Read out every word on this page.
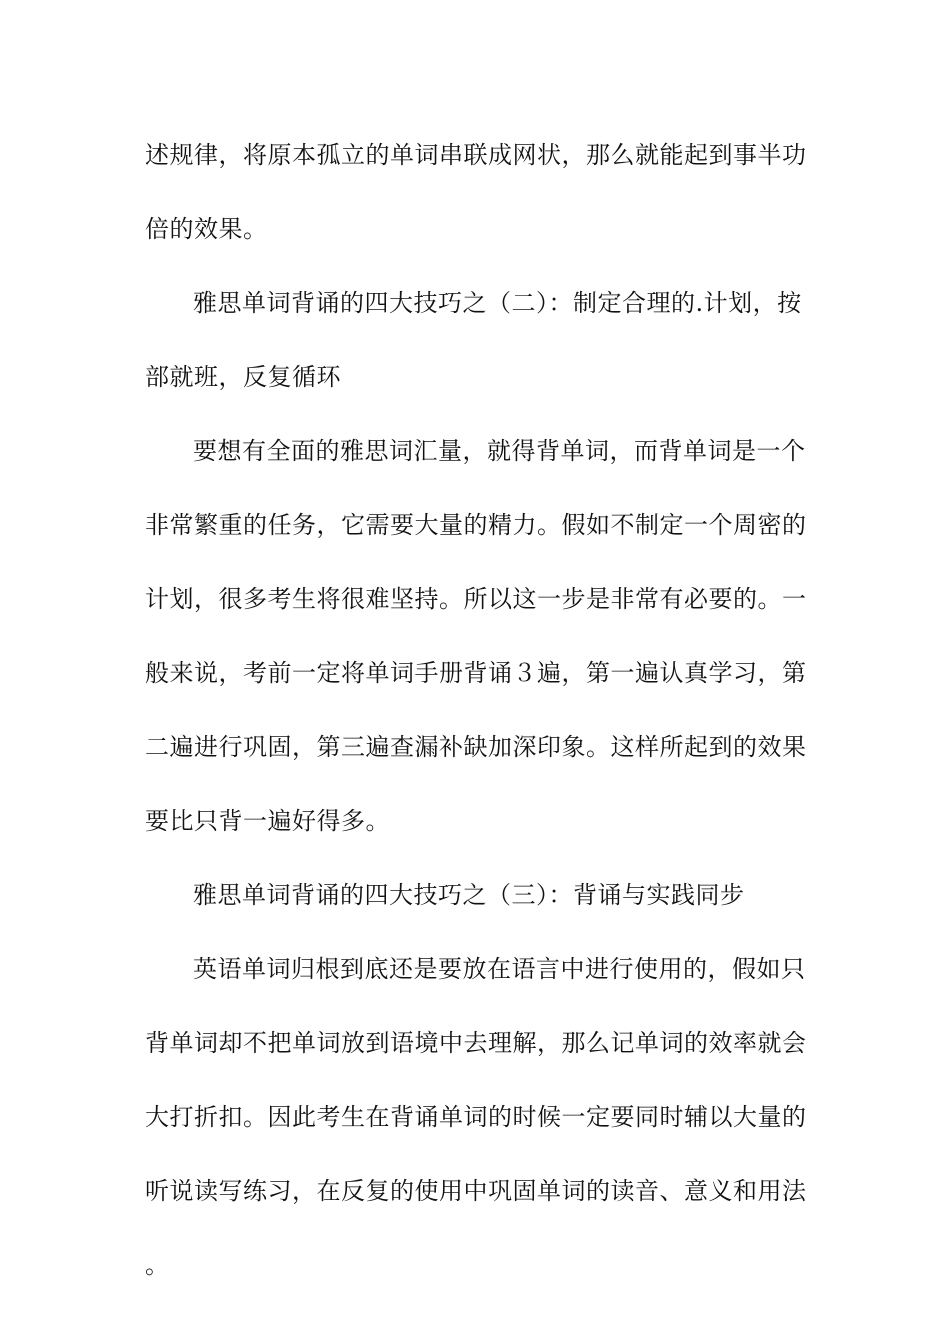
述规律，将原本孤立的单词串联成网状，那么就能起到事半功倍的效果。

雅思单词背诵的四大技巧之（二）：制定合理的.计划，按部就班，反复循环

要想有全面的雅思词汇量，就得背单词，而背单词是一个非常繁重的任务，它需要大量的精力。假如不制定一个周密的计划，很多考生将很难坚持。所以这一步是非常有必要的。一般来说，考前一定将单词手册背诵３遍，第一遍认真学习，第二遍进行巩固，第三遍查漏补缺加深印象。这样所起到的效果要比只背一遍好得多。

雅思单词背诵的四大技巧之（三）：背诵与实践同步

英语单词归根到底还是要放在语言中进行使用的，假如只背单词却不把单词放到语境中去理解，那么记单词的效率就会大打折扣。因此考生在背诵单词的时候一定要同时辅以大量的听说读写练习，在反复的使用中巩固单词的读音、意义和用法。
